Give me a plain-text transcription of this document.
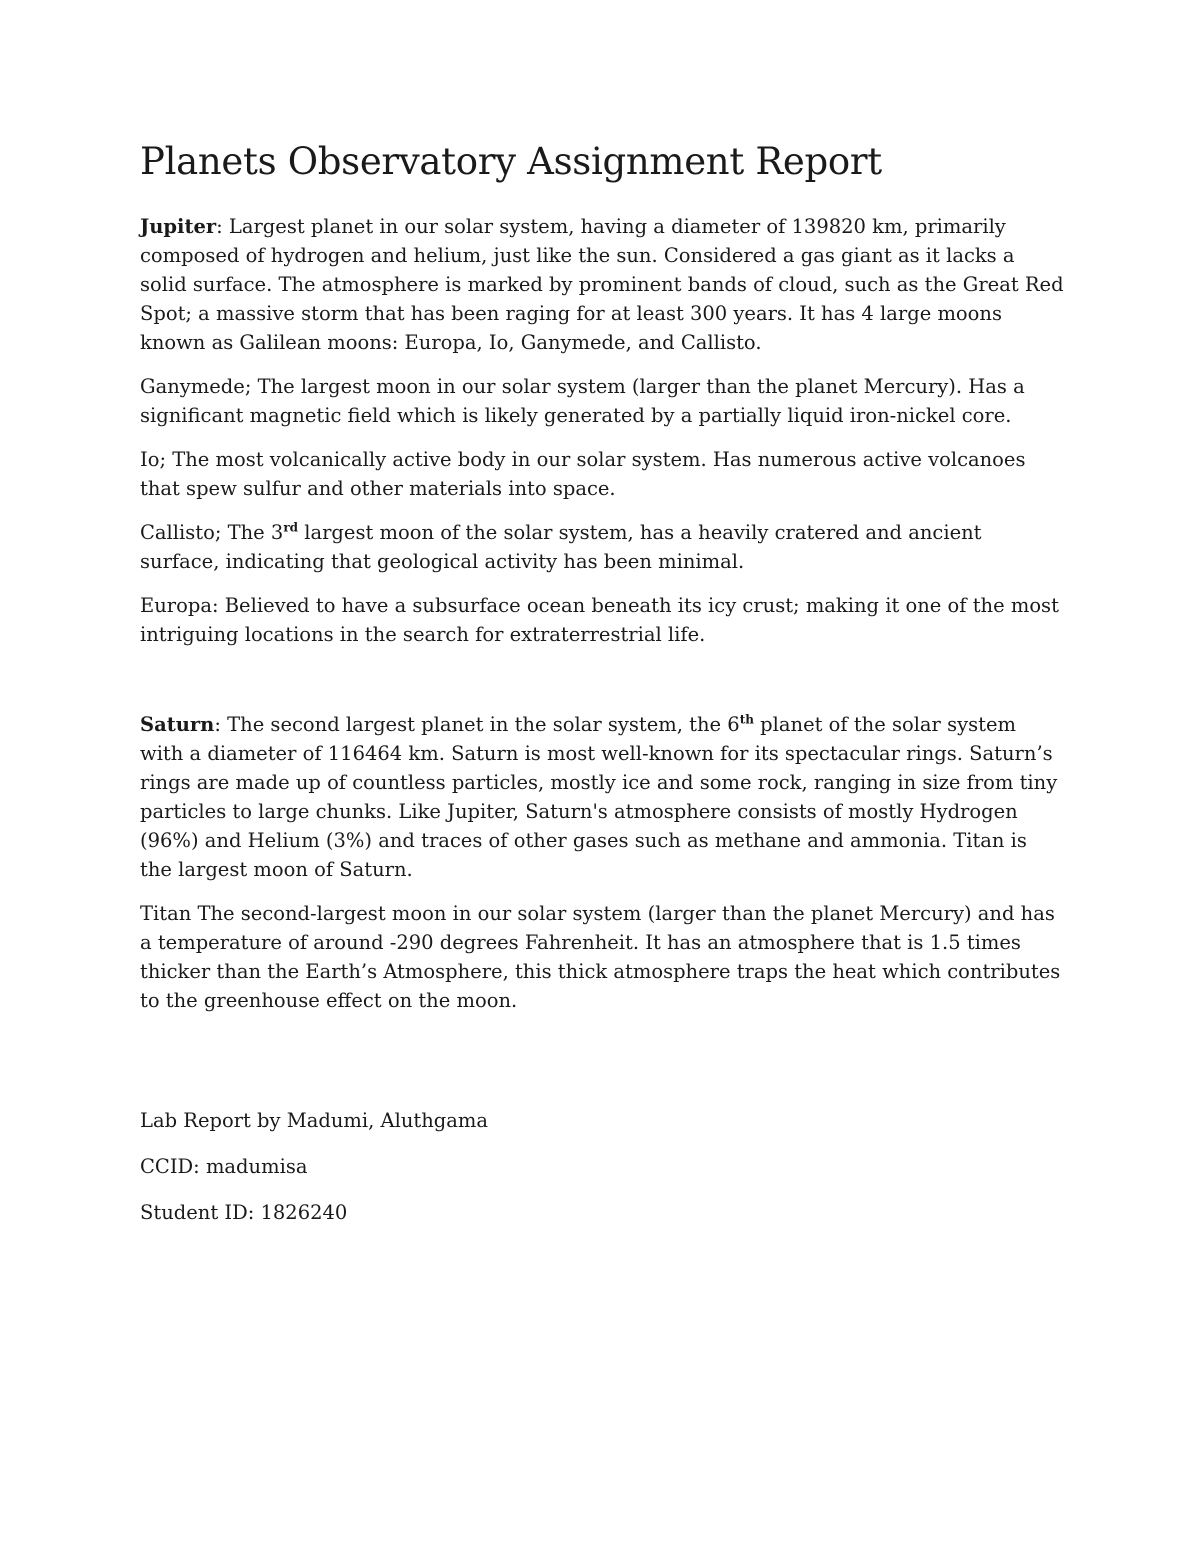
Planets Observatory Assignment Report

Jupiter: Largest planet in our solar system, having a diameter of 139820 km, primarily composed of hydrogen and helium, just like the sun. Considered a gas giant as it lacks a solid surface. The atmosphere is marked by prominent bands of cloud, such as the Great Red Spot; a massive storm that has been raging for at least 300 years. It has 4 large moons known as Galilean moons: Europa, Io, Ganymede, and Callisto.

Ganymede; The largest moon in our solar system (larger than the planet Mercury). Has a significant magnetic field which is likely generated by a partially liquid iron-nickel core.

Io; The most volcanically active body in our solar system. Has numerous active volcanoes that spew sulfur and other materials into space.

Callisto; The 3rd largest moon of the solar system, has a heavily cratered and ancient surface, indicating that geological activity has been minimal.

Europa: Believed to have a subsurface ocean beneath its icy crust; making it one of the most intriguing locations in the search for extraterrestrial life.

Saturn: The second largest planet in the solar system, the 6th planet of the solar system with a diameter of 116464 km. Saturn is most well-known for its spectacular rings. Saturn’s rings are made up of countless particles, mostly ice and some rock, ranging in size from tiny particles to large chunks. Like Jupiter, Saturn's atmosphere consists of mostly Hydrogen (96%) and Helium (3%) and traces of other gases such as methane and ammonia. Titan is the largest moon of Saturn.

Titan The second-largest moon in our solar system (larger than the planet Mercury) and has a temperature of around -290 degrees Fahrenheit. It has an atmosphere that is 1.5 times thicker than the Earth’s Atmosphere, this thick atmosphere traps the heat which contributes to the greenhouse effect on the moon.

Lab Report by Madumi, Aluthgama

CCID: madumisa

Student ID: 1826240
